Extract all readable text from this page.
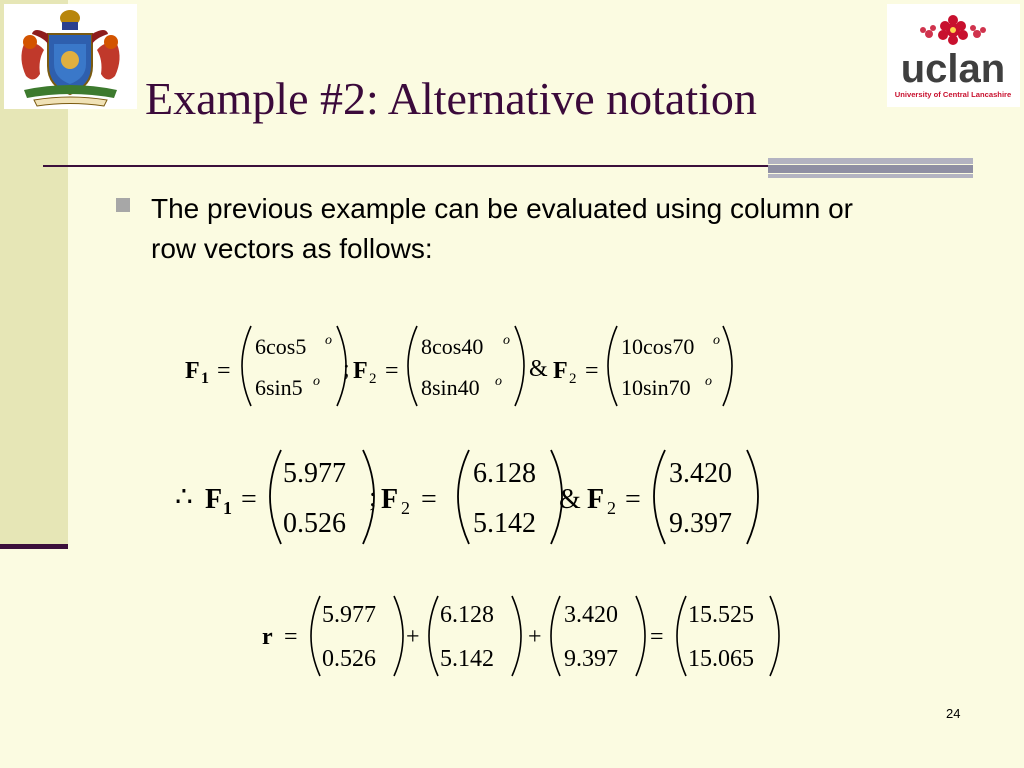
uclan
University of Central Lancashire
Example #2: Alternative notation
The previous example can be evaluated using column or row vectors as follows:
F 1 =
6cos5 o
6sin5 o ; F 2 =
8cos40 o
8sin40 o & F 2 =
10cos70 o
10sin70 o
∴ F 1 =
5.977
0.526
; F 2 =
6.128
5.142
& F 2 =
3.420
9.397
r =
5.977
0.526
+
6.128
5.142
+
3.420
9.397
=
15.525
15.065
24
